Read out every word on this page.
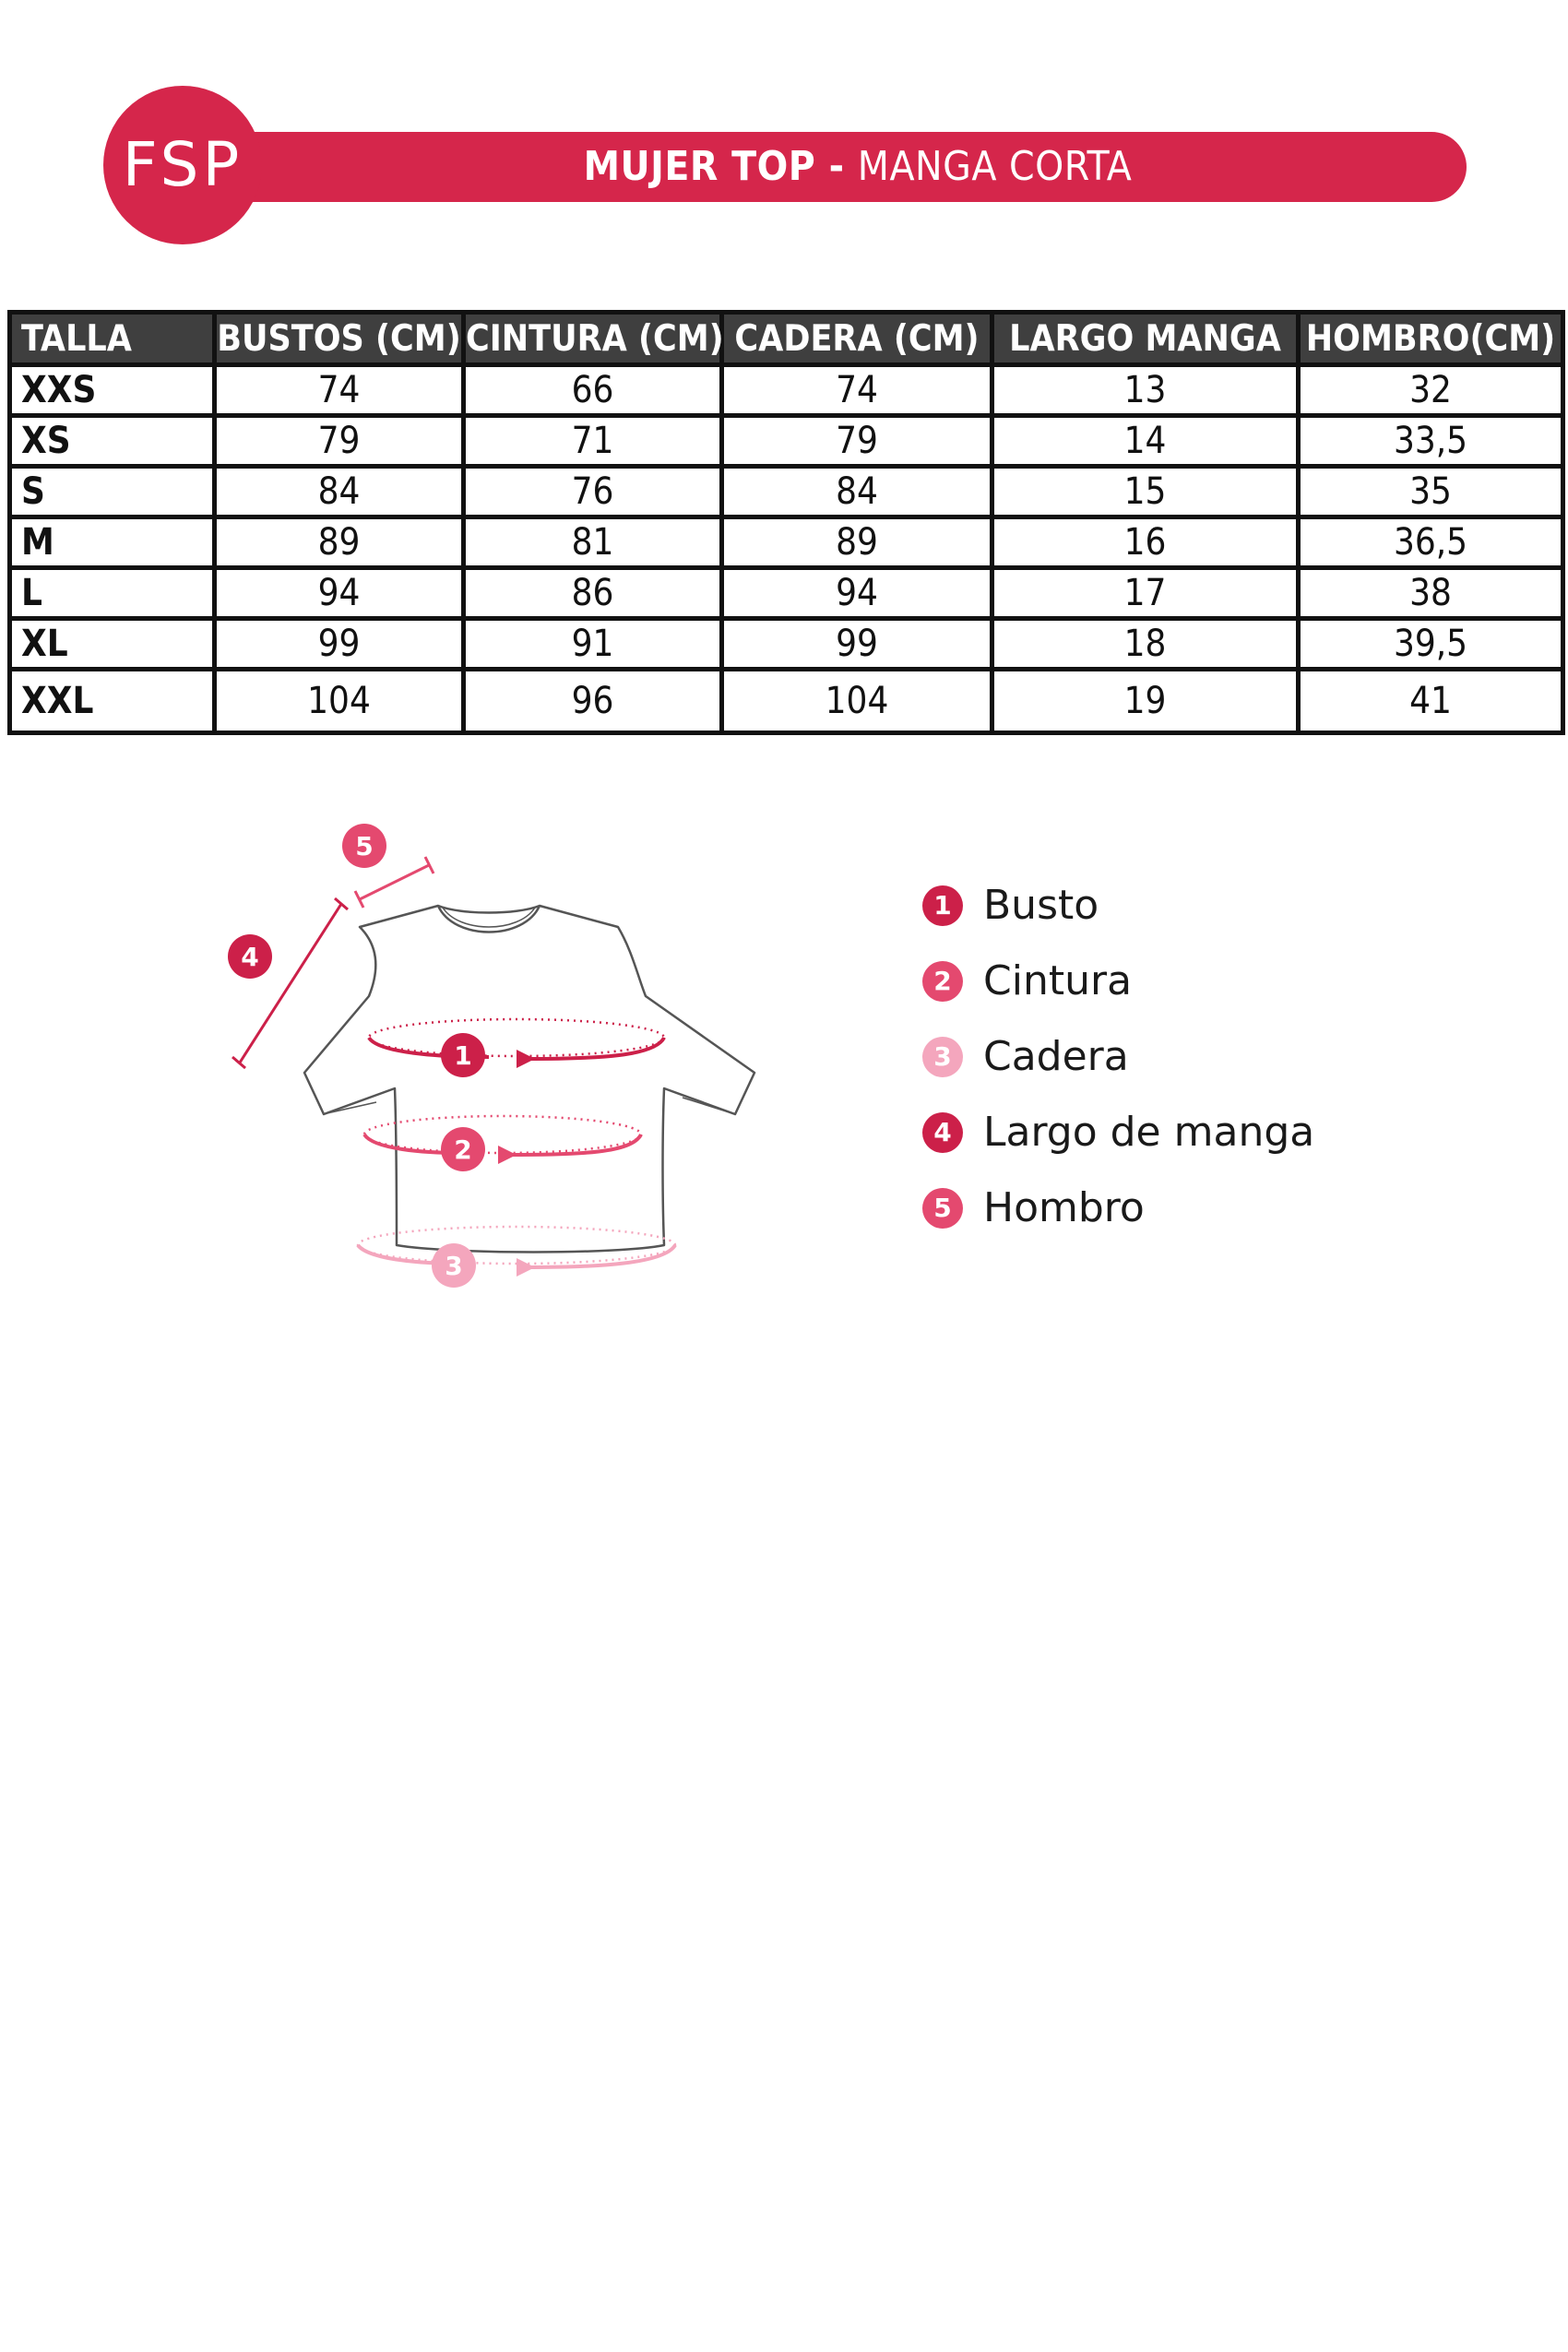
MUJER TOP - MANGA CORTA
FSP
TALLA	BUSTOS (CM)	CINTURA (CM)	CADERA (CM)	LARGO MANGA	HOMBRO(CM)
XXS	74	66	74	13	32
XS	79	71	79	14	33,5
S	84	76	84	15	35
M	89	81	89	16	36,5
L	94	86	94	17	38
XL	99	91	99	18	39,5
XXL	104	96	104	19	41
1
2
3
4
5
1 Busto
2 Cintura
3 Cadera
4 Largo de manga
5 Hombro
